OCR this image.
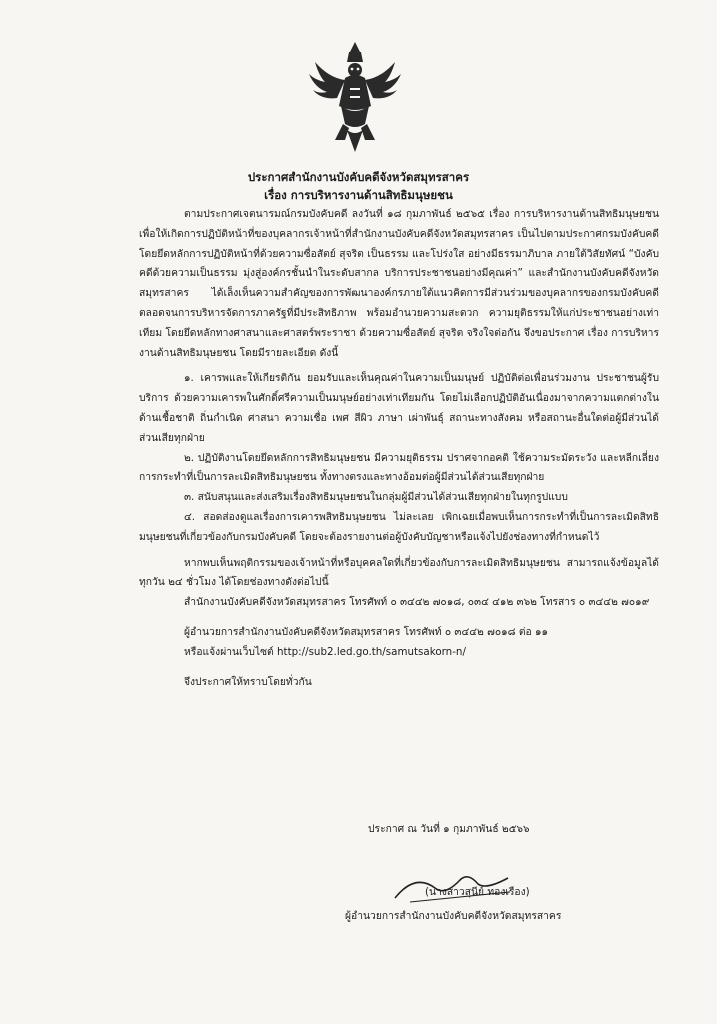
ประกาศสำนักงานบังคับคดีจังหวัดสมุทรสาคร
เรื่อง การบริหารงานด้านสิทธิมนุษยชน

ตามประกาศเจตนารมณ์กรมบังคับคดี ลงวันที่ ๑๘ กุมภาพันธ์ ๒๕๖๕ เรื่อง การบริหารงานด้านสิทธิมนุษยชน เพื่อให้เกิดการปฏิบัติหน้าที่ของบุคลากรเจ้าหน้าที่สำนักงานบังคับคดีจังหวัดสมุทรสาคร เป็นไปตามประกาศกรมบังคับคดี โดยยึดหลักการปฏิบัติหน้าที่ด้วยความซื่อสัตย์ สุจริต เป็นธรรม และโปร่งใส อย่างมีธรรมาภิบาล ภายใต้วิสัยทัศน์ “บังคับคดีด้วยความเป็นธรรม มุ่งสู่องค์กรชั้นนำในระดับสากล บริการประชาชนอย่างมีคุณค่า” และสำนักงานบังคับคดีจังหวัดสมุทรสาคร ได้เล็งเห็นความสำคัญของการพัฒนาองค์กรภายใต้แนวคิดการมีส่วนร่วมของบุคลากรของกรมบังคับคดี ตลอดจนการบริหารจัดการภาครัฐที่มีประสิทธิภาพ พร้อมอำนวยความสะดวก ความยุติธรรมให้แก่ประชาชนอย่างเท่าเทียม โดยยึดหลักทางศาสนาและศาสตร์พระราชา ด้วยความซื่อสัตย์ สุจริต จริงใจต่อกัน จึงขอประกาศ เรื่อง การบริหารงานด้านสิทธิมนุษยชน โดยมีรายละเอียด ดังนี้

๑. เคารพและให้เกียรติกัน ยอมรับและเห็นคุณค่าในความเป็นมนุษย์ ปฏิบัติต่อเพื่อนร่วมงาน ประชาชนผู้รับบริการ ด้วยความเคารพในศักดิ์ศรีความเป็นมนุษย์อย่างเท่าเทียมกัน โดยไม่เลือกปฏิบัติอันเนื่องมาจากความแตกต่างในด้านเชื้อชาติ ถิ่นกำเนิด ศาสนา ความเชื่อ เพศ สีผิว ภาษา เผ่าพันธุ์ สถานะทางสังคม หรือสถานะอื่นใดต่อผู้มีส่วนได้ส่วนเสียทุกฝ่าย

๒. ปฏิบัติงานโดยยึดหลักการสิทธิมนุษยชน มีความยุติธรรม ปราศจากอคติ ใช้ความระมัดระวัง และหลีกเลี่ยงการกระทำที่เป็นการละเมิดสิทธิมนุษยชน ทั้งทางตรงและทางอ้อมต่อผู้มีส่วนได้ส่วนเสียทุกฝ่าย

๓. สนับสนุนและส่งเสริมเรื่องสิทธิมนุษยชนในกลุ่มผู้มีส่วนได้ส่วนเสียทุกฝ่ายในทุกรูปแบบ

๔. สอดส่องดูแลเรื่องการเคารพสิทธิมนุษยชน ไม่ละเลย เพิกเฉยเมื่อพบเห็นการกระทำที่เป็นการละเมิดสิทธิมนุษยชนที่เกี่ยวข้องกับกรมบังคับคดี โดยจะต้องรายงานต่อผู้บังคับบัญชาหรือแจ้งไปยังช่องทางที่กำหนดไว้

หากพบเห็นพฤติกรรมของเจ้าหน้าที่หรือบุคคลใดที่เกี่ยวข้องกับการละเมิดสิทธิมนุษยชน สามารถแจ้งข้อมูลได้ทุกวัน ๒๔ ชั่วโมง ได้โดยช่องทางดังต่อไปนี้

สำนักงานบังคับคดีจังหวัดสมุทรสาคร โทรศัพท์ ๐ ๓๔๔๒ ๗๐๑๘, ๐๓๔ ๔๑๒ ๓๖๒ โทรสาร ๐ ๓๔๔๒ ๗๐๑๙

ผู้อำนวยการสำนักงานบังคับคดีจังหวัดสมุทรสาคร โทรศัพท์ ๐ ๓๔๔๒ ๗๐๑๘ ต่อ ๑๑

หรือแจ้งผ่านเว็บไซต์ http://sub2.led.go.th/samutsakorn-n/

จึงประกาศให้ทราบโดยทั่วกัน

ประกาศ ณ วันที่ ๑ กุมภาพันธ์ ๒๕๖๖
(นางสาวสุนีย์ ทองเรือง)
ผู้อำนวยการสำนักงานบังคับคดีจังหวัดสมุทรสาคร
